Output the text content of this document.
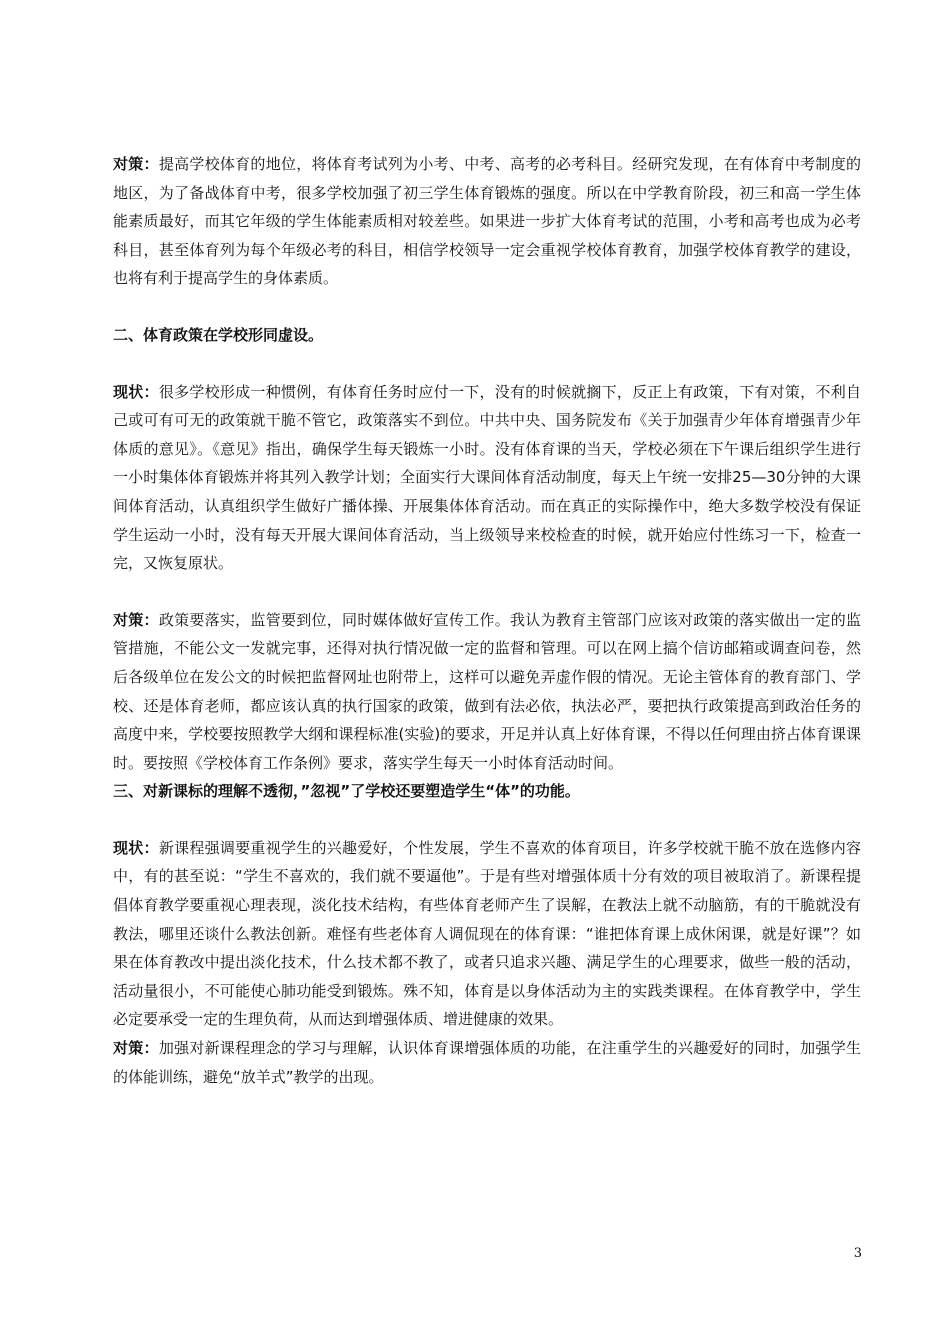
对策：提高学校体育的地位，将体育考试列为小考、中考、高考的必考科目。经研究发现，在有体育中考制度的地区，为了备战体育中考，很多学校加强了初三学生体育锻炼的强度。所以在中学教育阶段，初三和高一学生体能素质最好，而其它年级的学生体能素质相对较差些。如果进一步扩大体育考试的范围，小考和高考也成为必考科目，甚至体育列为每个年级必考的科目，相信学校领导一定会重视学校体育教育，加强学校体育教学的建设，也将有利于提高学生的身体素质。

二、体育政策在学校形同虚设。

现状：很多学校形成一种惯例，有体育任务时应付一下，没有的时候就搁下，反正上有政策，下有对策，不利自己或可有可无的政策就干脆不管它，政策落实不到位。中共中央、国务院发布《关于加强青少年体育增强青少年体质的意见》。《意见》指出，确保学生每天锻炼一小时。没有体育课的当天，学校必须在下午课后组织学生进行一小时集体体育锻炼并将其列入教学计划；全面实行大课间体育活动制度，每天上午统一安排25—30分钟的大课间体育活动，认真组织学生做好广播体操、开展集体体育活动。而在真正的实际操作中，绝大多数学校没有保证学生运动一小时，没有每天开展大课间体育活动，当上级领导来校检查的时候，就开始应付性练习一下，检查一完，又恢复原状。

对策：政策要落实，监管要到位，同时媒体做好宣传工作。我认为教育主管部门应该对政策的落实做出一定的监管措施，不能公文一发就完事，还得对执行情况做一定的监督和管理。可以在网上搞个信访邮箱或调查问卷，然后各级单位在发公文的时候把监督网址也附带上，这样可以避免弄虚作假的情况。无论主管体育的教育部门、学校、还是体育老师，都应该认真的执行国家的政策，做到有法必依，执法必严，要把执行政策提高到政治任务的高度中来，学校要按照教学大纲和课程标准(实验)的要求，开足并认真上好体育课，不得以任何理由挤占体育课课时。要按照《学校体育工作条例》要求，落实学生每天一小时体育活动时间。

三、对新课标的理解不透彻，”忽视”了学校还要塑造学生“体”的功能。

现状：新课程强调要重视学生的兴趣爱好，个性发展，学生不喜欢的体育项目，许多学校就干脆不放在选修内容中，有的甚至说：“学生不喜欢的，我们就不要逼他”。于是有些对增强体质十分有效的项目被取消了。新课程提倡体育教学要重视心理表现，淡化技术结构，有些体育老师产生了误解，在教法上就不动脑筋，有的干脆就没有教法，哪里还谈什么教法创新。难怪有些老体育人调侃现在的体育课：“谁把体育课上成休闲课，就是好课”？如果在体育教改中提出淡化技术，什么技术都不教了，或者只追求兴趣、满足学生的心理要求，做些一般的活动，活动量很小，不可能使心肺功能受到锻炼。殊不知，体育是以身体活动为主的实践类课程。在体育教学中，学生必定要承受一定的生理负荷，从而达到增强体质、增进健康的效果。

对策：加强对新课程理念的学习与理解，认识体育课增强体质的功能，在注重学生的兴趣爱好的同时，加强学生的体能训练，避免“放羊式”教学的出现。

3
